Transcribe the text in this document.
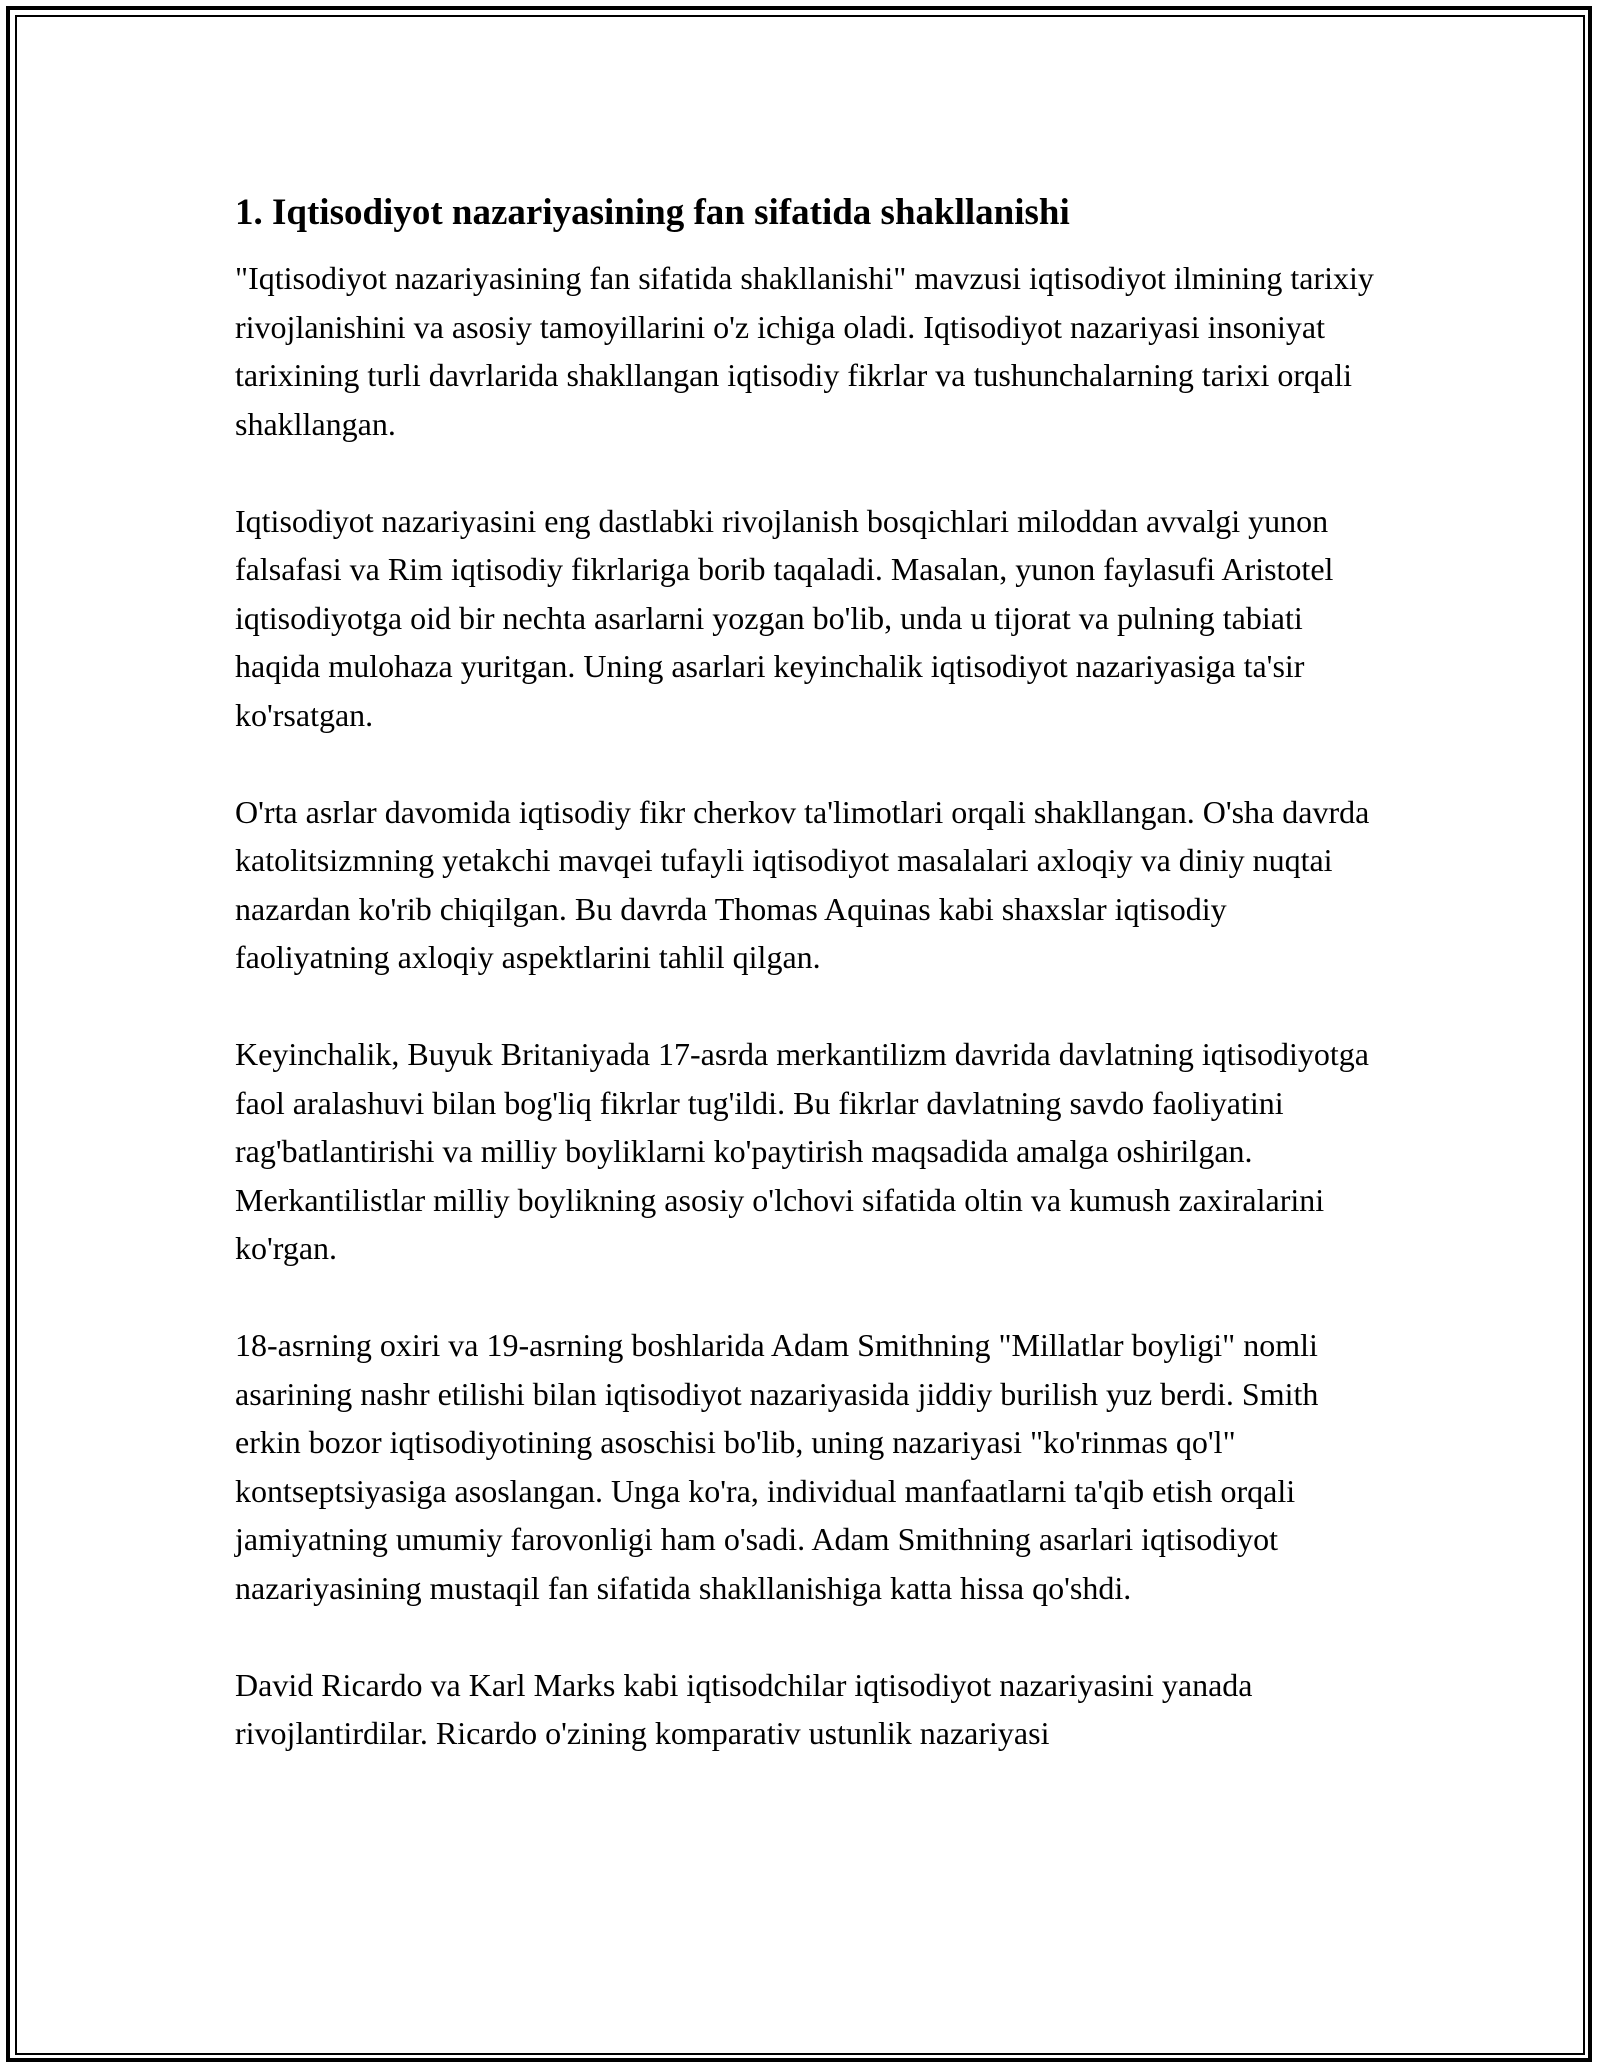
1. Iqtisodiyot nazariyasining fan sifatida shakllanishi

"Iqtisodiyot nazariyasining fan sifatida shakllanishi" mavzusi iqtisodiyot ilmining tarixiy rivojlanishini va asosiy tamoyillarini o'z ichiga oladi. Iqtisodiyot nazariyasi insoniyat tarixining turli davrlarida shakllangan iqtisodiy fikrlar va tushunchalarning tarixi orqali shakllangan.

Iqtisodiyot nazariyasini eng dastlabki rivojlanish bosqichlari miloddan avvalgi yunon falsafasi va Rim iqtisodiy fikrlariga borib taqaladi. Masalan, yunon faylasufi Aristotel iqtisodiyotga oid bir nechta asarlarni yozgan bo'lib, unda u tijorat va pulning tabiati haqida mulohaza yuritgan. Uning asarlari keyinchalik iqtisodiyot nazariyasiga ta'sir ko'rsatgan.

O'rta asrlar davomida iqtisodiy fikr cherkov ta'limotlari orqali shakllangan. O'sha davrda katolitsizmning yetakchi mavqei tufayli iqtisodiyot masalalari axloqiy va diniy nuqtai nazardan ko'rib chiqilgan. Bu davrda Thomas Aquinas kabi shaxslar iqtisodiy faoliyatning axloqiy aspektlarini tahlil qilgan.

Keyinchalik, Buyuk Britaniyada 17-asrda merkantilizm davrida davlatning iqtisodiyotga faol aralashuvi bilan bog'liq fikrlar tug'ildi. Bu fikrlar davlatning savdo faoliyatini rag'batlantirishi va milliy boyliklarni ko'paytirish maqsadida amalga oshirilgan. Merkantilistlar milliy boylikning asosiy o'lchovi sifatida oltin va kumush zaxiralarini ko'rgan.

18-asrning oxiri va 19-asrning boshlarida Adam Smithning "Millatlar boyligi" nomli asarining nashr etilishi bilan iqtisodiyot nazariyasida jiddiy burilish yuz berdi. Smith erkin bozor iqtisodiyotining asoschisi bo'lib, uning nazariyasi "ko'rinmas qo'l" kontseptsiyasiga asoslangan. Unga ko'ra, individual manfaatlarni ta'qib etish orqali jamiyatning umumiy farovonligi ham o'sadi. Adam Smithning asarlari iqtisodiyot nazariyasining mustaqil fan sifatida shakllanishiga katta hissa qo'shdi.

David Ricardo va Karl Marks kabi iqtisodchilar iqtisodiyot nazariyasini yanada rivojlantirdilar. Ricardo o'zining komparativ ustunlik nazariyasi
